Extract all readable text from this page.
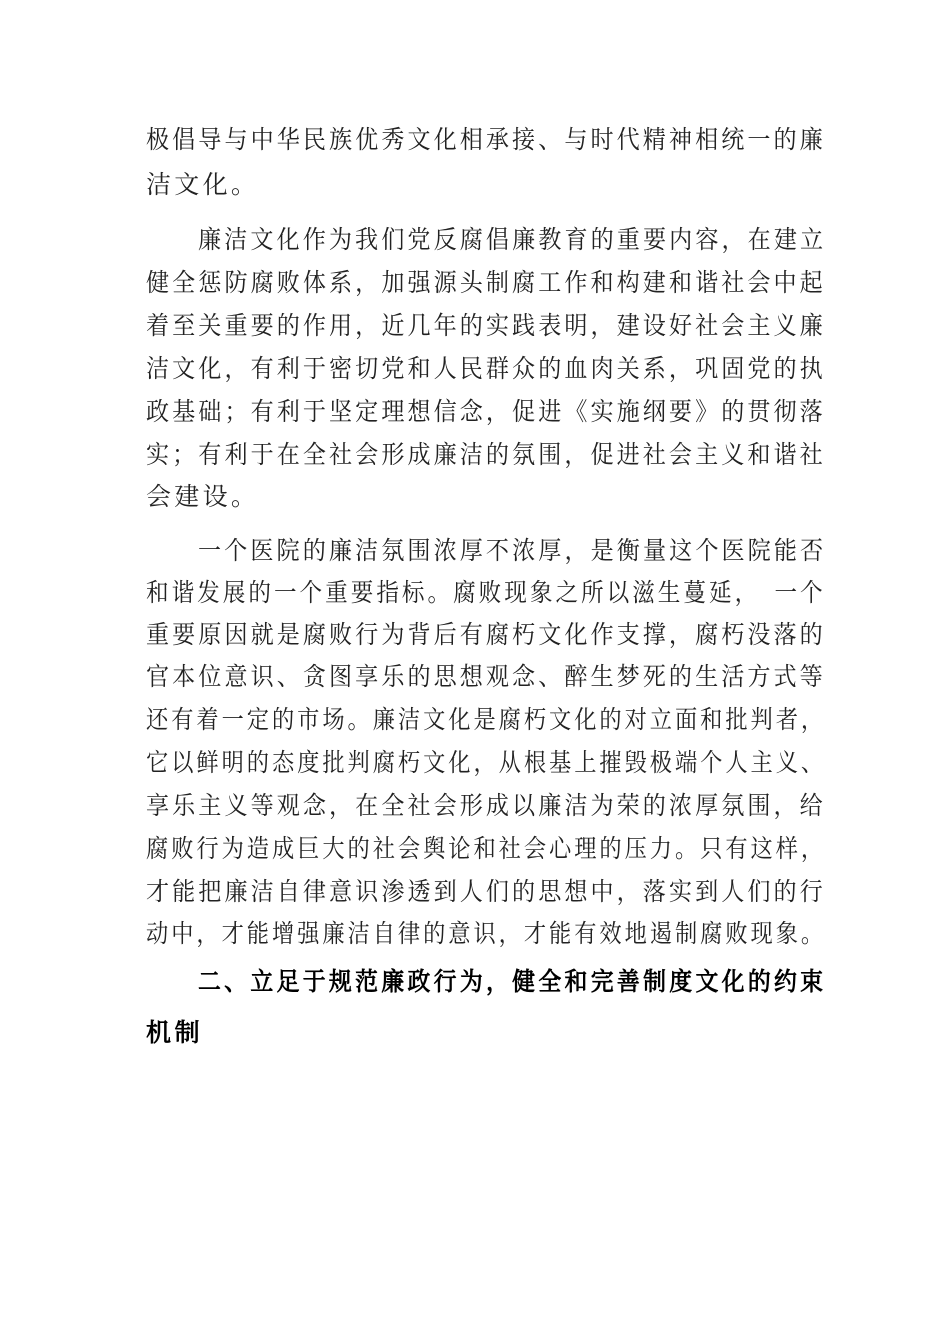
极倡导与中华民族优秀文化相承接、与时代精神相统一的廉
洁文化。
廉洁文化作为我们党反腐倡廉教育的重要内容，在建立
健全惩防腐败体系，加强源头制腐工作和构建和谐社会中起
着至关重要的作用，近几年的实践表明，建设好社会主义廉
洁文化，有利于密切党和人民群众的血肉关系，巩固党的执
政基础；有利于坚定理想信念，促进《实施纲要》的贯彻落
实；有利于在全社会形成廉洁的氛围，促进社会主义和谐社
会建设。
一个医院的廉洁氛围浓厚不浓厚，是衡量这个医院能否
和谐发展的一个重要指标。腐败现象之所以滋生蔓延，　一个
重要原因就是腐败行为背后有腐朽文化作支撑，腐朽没落的
官本位意识、贪图享乐的思想观念、醉生梦死的生活方式等
还有着一定的市场。廉洁文化是腐朽文化的对立面和批判者，
它以鲜明的态度批判腐朽文化，从根基上摧毁极端个人主义、
享乐主义等观念，在全社会形成以廉洁为荣的浓厚氛围，给
腐败行为造成巨大的社会舆论和社会心理的压力。只有这样，
才能把廉洁自律意识渗透到人们的思想中，落实到人们的行
动中，才能增强廉洁自律的意识，才能有效地遏制腐败现象。
二、立足于规范廉政行为，健全和完善制度文化的约束
机制
